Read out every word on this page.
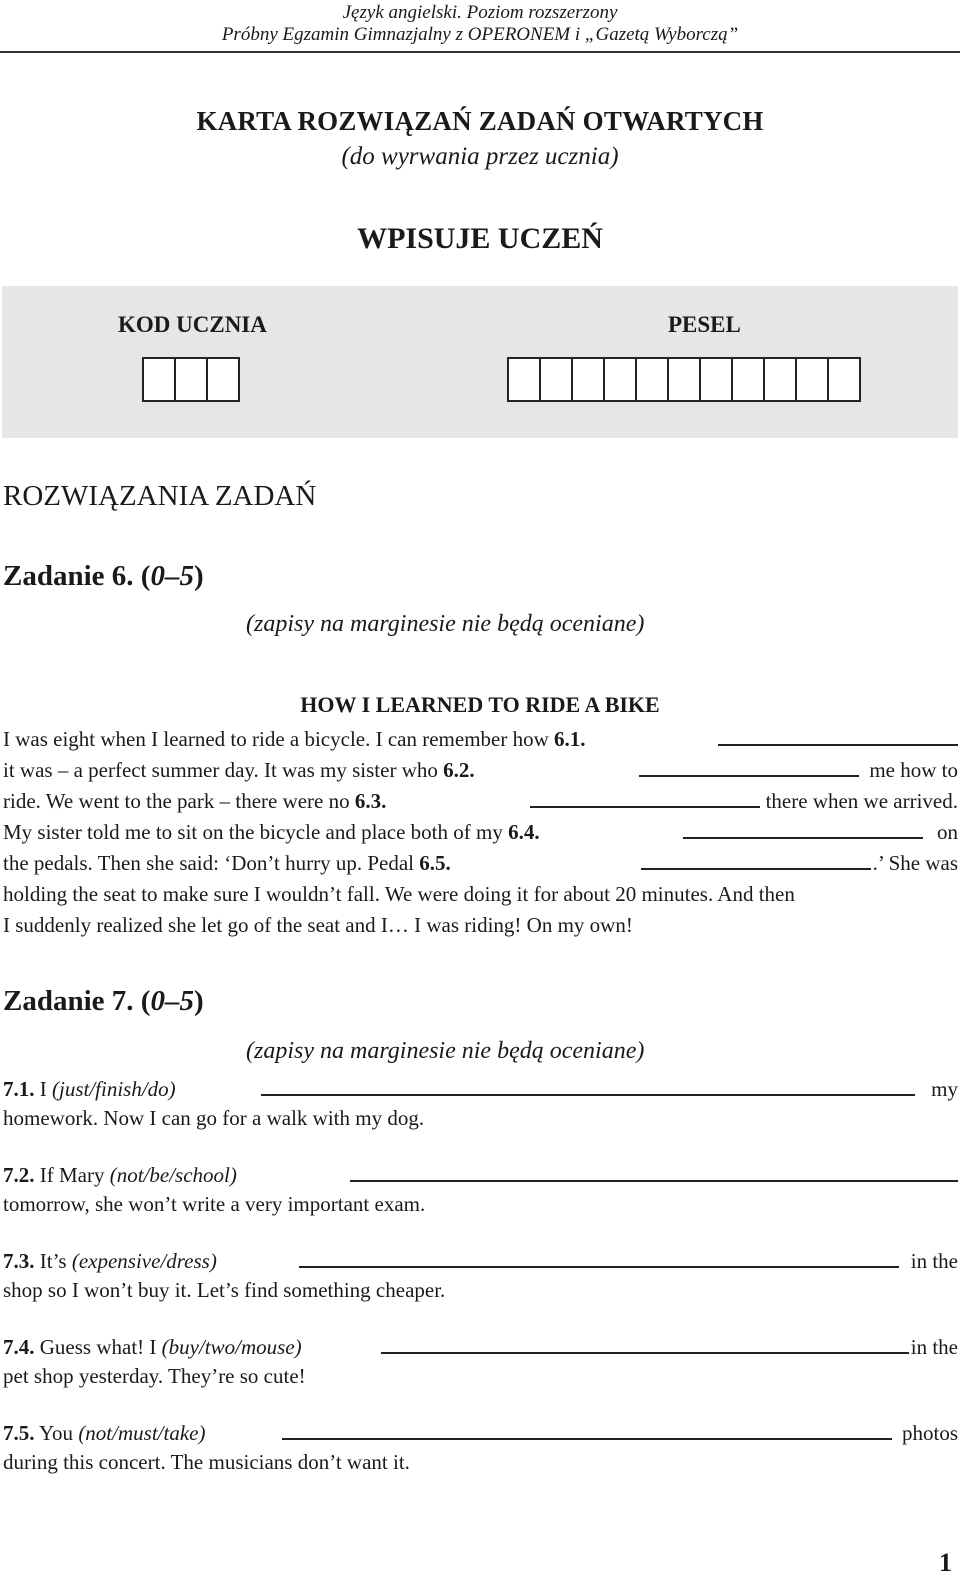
Język angielski. Poziom rozszerzony
Próbny Egzamin Gimnazjalny z OPERONEM i „Gazetą Wyborczą”
KARTA ROZWIĄZAŃ ZADAŃ OTWARTYCH
(do wyrwania przez ucznia)
WPISUJE UCZEŃ
KOD UCZNIA	PESEL
ROZWIĄZANIA ZADAŃ
Zadanie 6. (0–5)
(zapisy na marginesie nie będą oceniane)
HOW I LEARNED TO RIDE A BIKE
I was eight when I learned to ride a bicycle. I can remember how 6.1.
it was – a perfect summer day. It was my sister who 6.2.	me how to
ride. We went to the park – there were no 6.3.	there when we arrived.
My sister told me to sit on the bicycle and place both of my 6.4.	on
the pedals. Then she said: ‘Don’t hurry up. Pedal 6.5.	.’ She was
holding the seat to make sure I wouldn’t fall. We were doing it for about 20 minutes. And then
I suddenly realized she let go of the seat and I… I was riding! On my own!
Zadanie 7. (0–5)
(zapisy na marginesie nie będą oceniane)
7.1. I (just/finish/do)	my
homework. Now I can go for a walk with my dog.
7.2. If Mary (not/be/school)
tomorrow, she won’t write a very important exam.
7.3. It’s (expensive/dress)	in the
shop so I won’t buy it. Let’s find something cheaper.
7.4. Guess what! I (buy/two/mouse)	in the
pet shop yesterday. They’re so cute!
7.5. You (not/must/take)	photos
during this concert. The musicians don’t want it.
1
